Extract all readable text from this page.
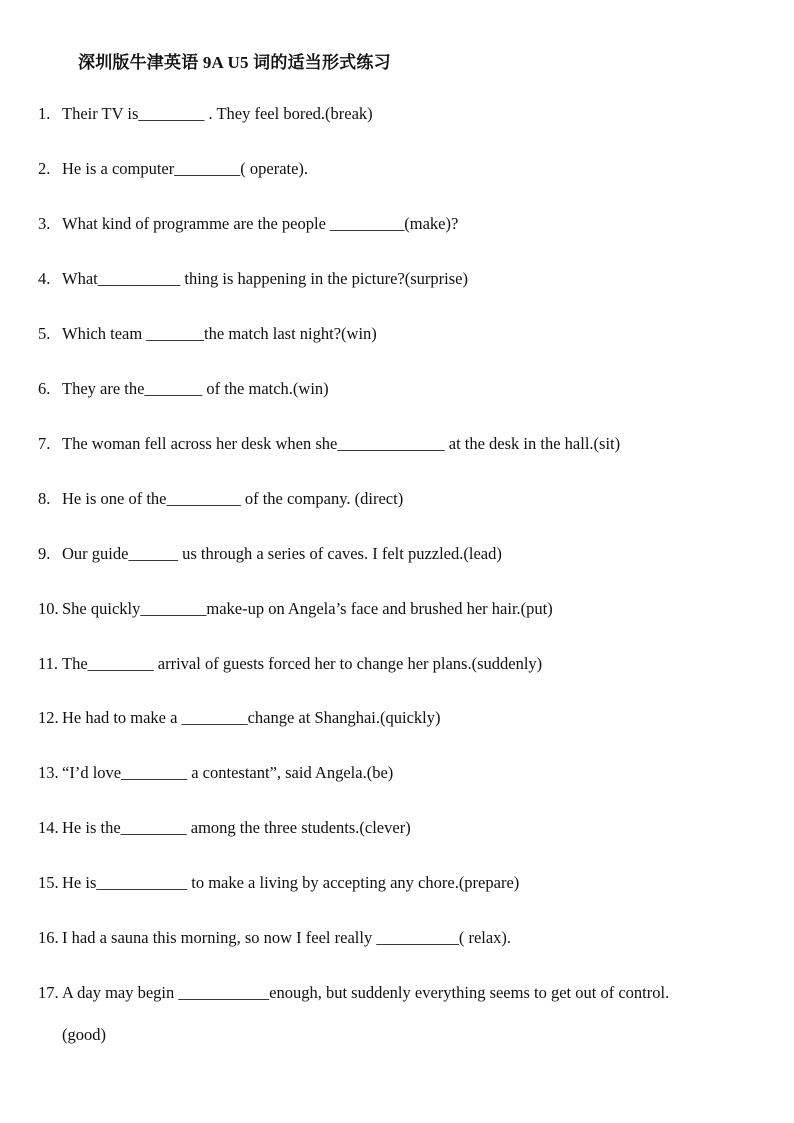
深圳版牛津英语 9A U5 词的适当形式练习
1. Their TV is________ . They feel bored.(break)
2. He is a computer________( operate).
3. What kind of programme are the people _________(make)?
4. What__________ thing is happening in the picture?(surprise)
5. Which team _______the match last night?(win)
6. They are the_______ of the match.(win)
7. The woman fell across her desk when she_____________ at the desk in the hall.(sit)
8. He is one of the_________ of the company. (direct)
9. Our guide______ us through a series of caves. I felt puzzled.(lead)
10. She quickly________make-up on Angela’s face and brushed her hair.(put)
11. The________ arrival of guests forced her to change her plans.(suddenly)
12. He had to make a ________change at Shanghai.(quickly)
13. “I’d love________ a contestant”, said Angela.(be)
14. He is the________ among the three students.(clever)
15. He is___________ to make a living by accepting any chore.(prepare)
16. I had a sauna this morning, so now I feel really __________( relax).
17. A day may begin ___________enough, but suddenly everything seems to get out of control.
(good)
